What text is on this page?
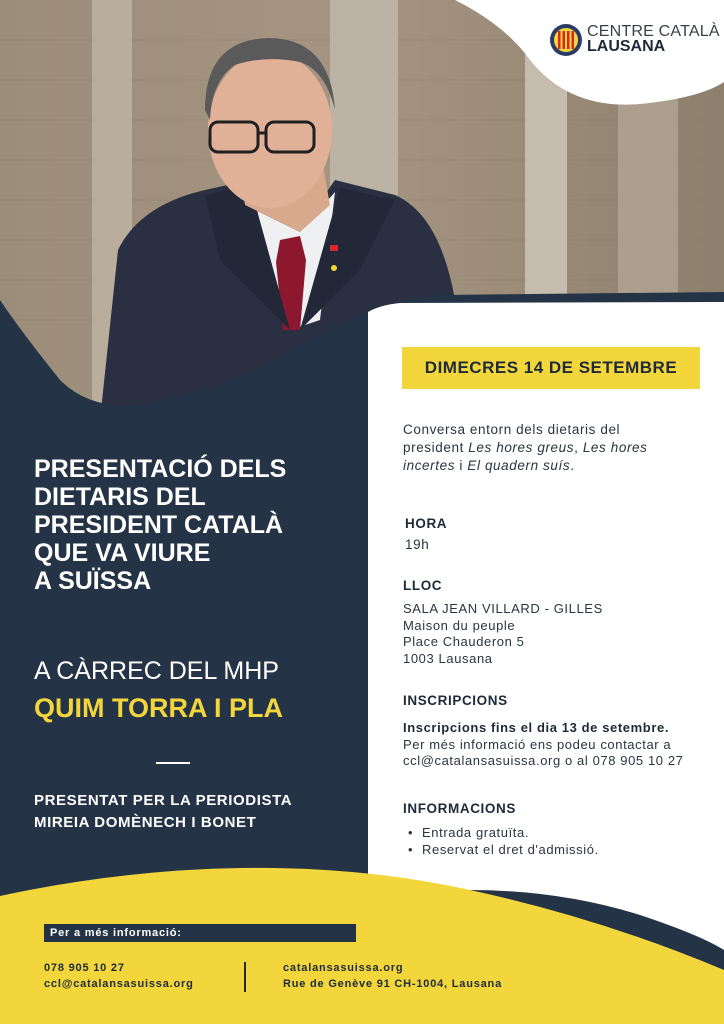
CENTRE CATALÀ
LAUSANA
PRESENTACIÓ DELS
DIETARIS DEL
PRESIDENT CATALÀ
QUE VA VIURE
A SUÏSSA
A CÀRREC DEL MHP
QUIM TORRA I PLA
PRESENTAT PER LA PERIODISTA
MIREIA DOMÈNECH I BONET
DIMECRES 14 DE SETEMBRE
Conversa entorn dels dietaris del
president Les hores greus, Les hores
incertes i El quadern suís.
HORA
19h
LLOC
SALA JEAN VILLARD - GILLES
Maison du peuple
Place Chauderon 5
1003 Lausana
INSCRIPCIONS
Inscripcions fins el dia 13 de setembre.
Per més informació ens podeu contactar a
ccl@catalansasuissa.org o al 078 905 10 27
INFORMACIONS
• Entrada gratuïta.
• Reservat el dret d'admissió.
Per a més informació:
078 905 10 27
ccl@catalansasuissa.org
catalansasuissa.org
Rue de Genève 91 CH-1004, Lausana
